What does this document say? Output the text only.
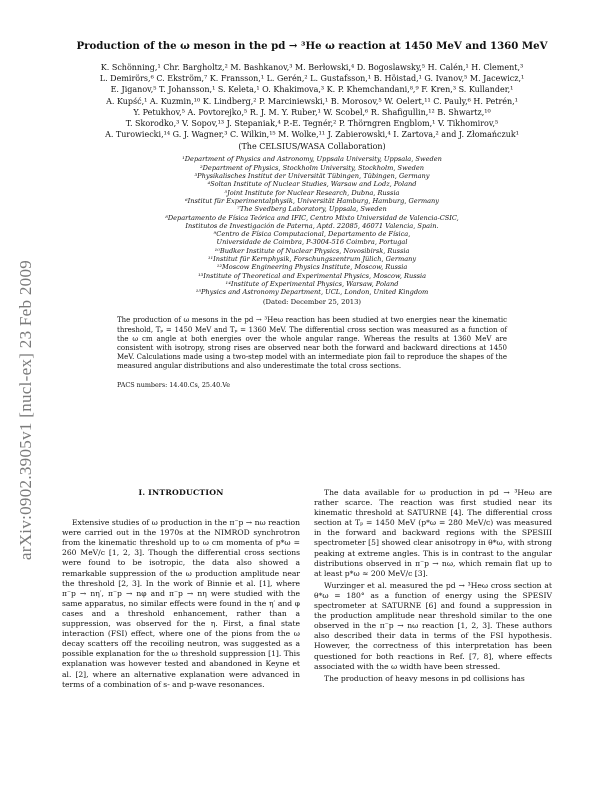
arXiv:0902.3905v1 [nucl-ex] 23 Feb 2009
Production of the ω meson in the pd → ³He ω reaction at 1450 MeV and 1360 MeV
K. Schönning,¹ Chr. Bargholtz,² M. Bashkanov,³ M. Berłowski,⁴ D. Bogoslawsky,⁵ H. Calén,¹ H. Clement,³
L. Demirörs,⁶ C. Ekström,⁷ K. Fransson,¹ L. Gerén,² L. Gustafsson,¹ B. Höistad,¹ G. Ivanov,⁵ M. Jacewicz,¹
E. Jiganov,⁵ T. Johansson,¹ S. Keleta,¹ O. Khakimova,³ K. P. Khemchandani,⁸,⁹ F. Kren,³ S. Kullander,¹
A. Kupść,¹ A. Kuzmin,¹⁰ K. Lindberg,² P. Marciniewski,¹ B. Morosov,⁵ W. Oelert,¹¹ C. Pauly,⁶ H. Petrén,¹
Y. Petukhov,⁵ A. Povtorejko,⁵ R. J. M. Y. Ruber,¹ W. Scobel,⁶ R. Shafigullin,¹² B. Shwartz,¹⁰
T. Skorodko,³ V. Sopov,¹³ J. Stepaniak,⁴ P.-E. Tegnér,² P. Thörngren Engblom,¹ V. Tikhomirov,⁵
A. Turowiecki,¹⁴ G. J. Wagner,³ C. Wilkin,¹⁵ M. Wolke,¹¹ J. Zabierowski,⁴ I. Zartova,² and J. Złomańczuk¹
(The CELSIUS/WASA Collaboration)
¹Department of Physics and Astronomy, Uppsala University, Uppsala, Sweden
²Department of Physics, Stockholm University, Stockholm, Sweden
³Physikalisches Institut der Universität Tübingen, Tübingen, Germany
⁴Soltan Institute of Nuclear Studies, Warsaw and Lodz, Poland
⁵Joint Institute for Nuclear Research, Dubna, Russia
⁶Institut für Experimentalphysik, Universität Hamburg, Hamburg, Germany
⁷The Svedberg Laboratory, Uppsala, Sweden
⁸Departamento de Física Teórica and IFIC, Centro Mixto Universidad de Valencia-CSIC,
Institutos de Investigación de Paterna, Aptd. 22085, 46071 Valencia, Spain.
⁹Centro de Física Computacional, Departamento de Física,
Universidade de Coimbra, P-3004-516 Coimbra, Portugal
¹⁰Budker Institute of Nuclear Physics, Novosibirsk, Russia
¹¹Institut für Kernphysik, Forschungszentrum Jülich, Germany
¹²Moscow Engineering Physics Institute, Moscow, Russia
¹³Institute of Theoretical and Experimental Physics, Moscow, Russia
¹⁴Institute of Experimental Physics, Warsaw, Poland
¹⁵Physics and Astronomy Department, UCL, London, United Kingdom
(Dated: December 25, 2013)
The production of ω mesons in the pd → ³Heω reaction has been studied at two energies near the kinematic threshold, Tₚ = 1450 MeV and Tₚ = 1360 MeV. The differential cross section was measured as a function of the ω cm angle at both energies over the whole angular range. Whereas the results at 1360 MeV are consistent with isotropy, strong rises are observed near both the forward and backward directions at 1450 MeV. Calculations made using a two-step model with an intermediate pion fail to reproduce the shapes of the measured angular distributions and also underestimate the total cross sections.
PACS numbers: 14.40.Cs, 25.40.Ve
I. INTRODUCTION

Extensive studies of ω production in the π⁻p → nω reaction were carried out in the 1970s at the NIMROD synchrotron from the kinematic threshold up to ω cm momenta of p*ω = 260 MeV/c [1, 2, 3]. Though the differential cross sections were found to be isotropic, the data also showed a remarkable suppression of the ω production amplitude near the threshold [2, 3]. In the work of Binnie et al. [1], where π⁻p → nη′, π⁻p → nφ and π⁻p → nη were studied with the same apparatus, no similar effects were found in the η′ and φ cases and a threshold enhancement, rather than a suppression, was observed for the η. First, a final state interaction (FSI) effect, where one of the pions from the ω decay scatters off the recoiling neutron, was suggested as a possible explanation for the ω threshold suppression [1]. This explanation was however tested and abandoned in Keyne et al. [2], where an alternative explanation were advanced in terms of a combination of s- and p-wave resonances.

The data available for ω production in pd → ³Heω are rather scarce. The reaction was first studied near its kinematic threshold at SATURNE [4]. The differential cross section at Tₚ = 1450 MeV (p*ω = 280 MeV/c) was measured in the forward and backward regions with the SPESIII spectrometer [5] showed clear anisotropy in θ*ω, with strong peaking at extreme angles. This is in contrast to the angular distributions observed in π⁻p → nω, which remain flat up to at least p*ω ≈ 200 MeV/c [3].

Wurzinger et al. measured the pd → ³Heω cross section at θ*ω = 180° as a function of energy using the SPESIV spectrometer at SATURNE [6] and found a suppression in the production amplitude near threshold similar to the one observed in the π⁻p → nω reaction [1, 2, 3]. These authors also described their data in terms of the FSI hypothesis. However, the correctness of this interpretation has been questioned for both reactions in Ref. [7, 8], where effects associated with the ω width have been stressed.

The production of heavy mesons in pd collisions has
